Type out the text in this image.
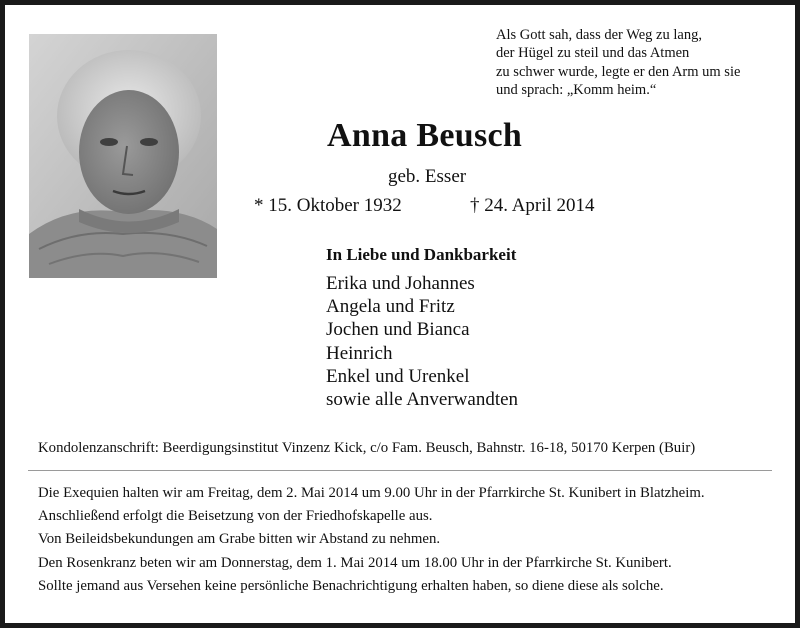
Als Gott sah, dass der Weg zu lang,
der Hügel zu steil und das Atmen
zu schwer wurde, legte er den Arm um sie
und sprach: „Komm heim.“
Anna Beusch
geb. Esser
* 15. Oktober 1932	† 24. April 2014
In Liebe und Dankbarkeit
Erika und Johannes
Angela und Fritz
Jochen und Bianca
Heinrich
Enkel und Urenkel
sowie alle Anverwandten
Kondolenzanschrift: Beerdigungsinstitut Vinzenz Kick, c/o Fam. Beusch, Bahnstr. 16-18, 50170 Kerpen (Buir)
Die Exequien halten wir am Freitag, dem 2. Mai 2014 um 9.00 Uhr in der Pfarrkirche St. Kunibert in Blatzheim.
Anschließend erfolgt die Beisetzung von der Friedhofskapelle aus.
Von Beileidsbekundungen am Grabe bitten wir Abstand zu nehmen.
Den Rosenkranz beten wir am Donnerstag, dem 1. Mai 2014 um 18.00 Uhr in der Pfarrkirche St. Kunibert.
Sollte jemand aus Versehen keine persönliche Benachrichtigung erhalten haben, so diene diese als solche.
